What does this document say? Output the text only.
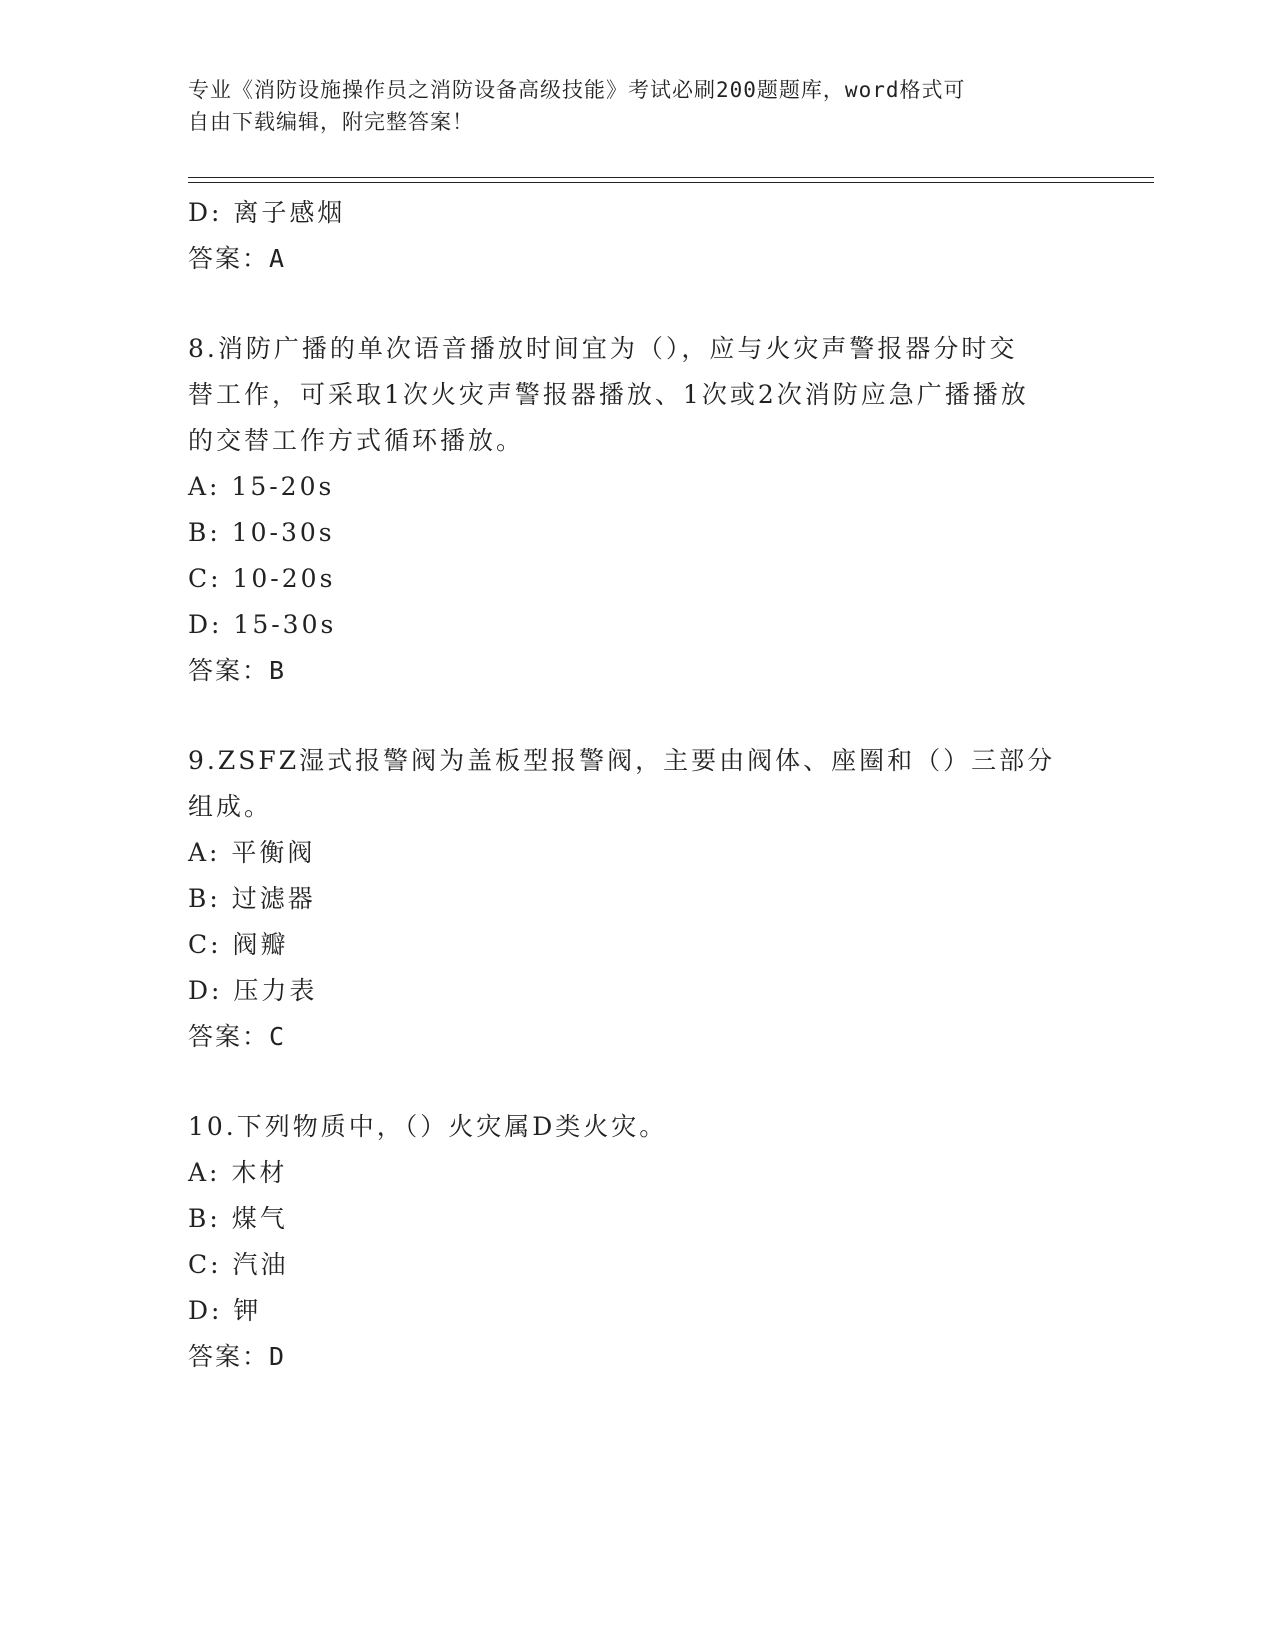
专业《消防设施操作员之消防设备高级技能》考试必刷200题题库，word格式可
自由下载编辑，附完整答案！
D: 离子感烟
答案：A
8.消防广播的单次语音播放时间宜为（），应与火灾声警报器分时交
替工作，可采取1次火灾声警报器播放、1次或2次消防应急广播播放
的交替工作方式循环播放。
A: 15-20s
B: 10-30s
C: 10-20s
D: 15-30s
答案：B
9.ZSFZ湿式报警阀为盖板型报警阀，主要由阀体、座圈和（）三部分
组成。
A: 平衡阀
B: 过滤器
C: 阀瓣
D: 压力表
答案：C
10.下列物质中，（）火灾属D类火灾。
A: 木材
B: 煤气
C: 汽油
D: 钾
答案：D
